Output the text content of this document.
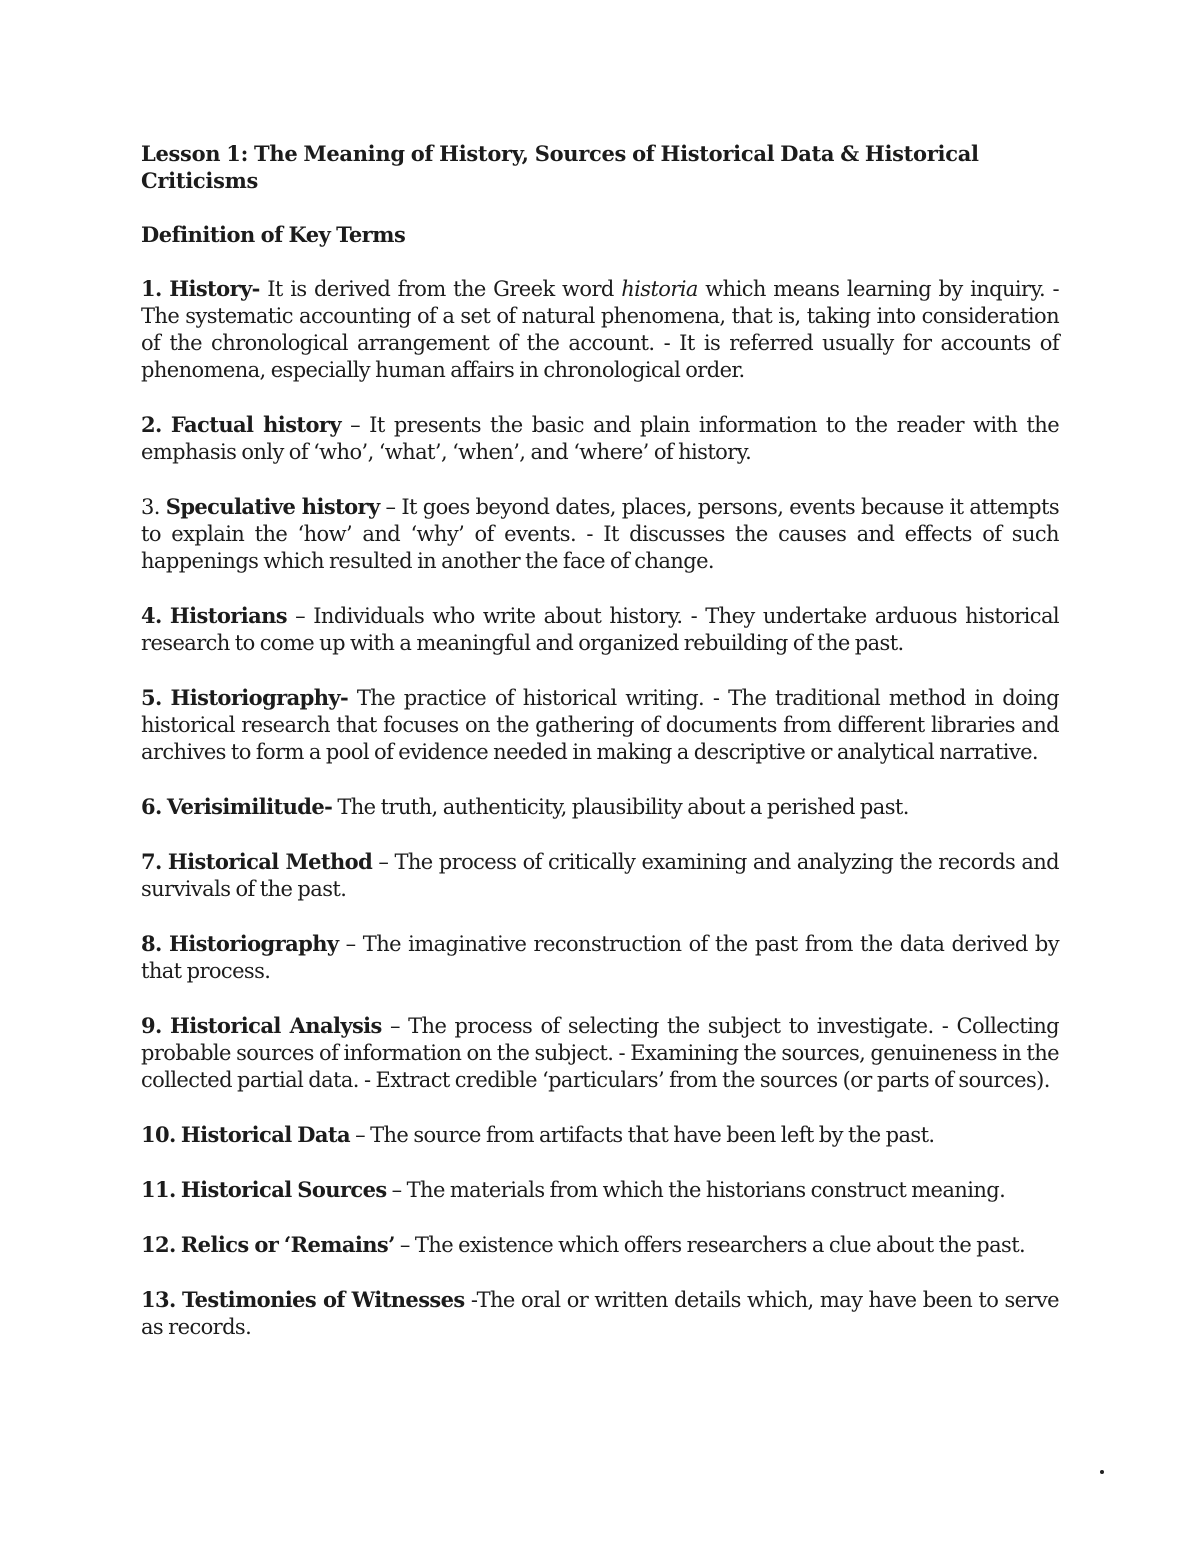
Lesson 1: The Meaning of History, Sources of Historical Data & Historical Criticisms

Definition of Key Terms

1. History- It is derived from the Greek word historia which means learning by inquiry. - The systematic accounting of a set of natural phenomena, that is, taking into consideration of the chronological arrangement of the account. - It is referred usually for accounts of phenomena, especially human affairs in chronological order.

2. Factual history – It presents the basic and plain information to the reader with the emphasis only of ‘who’, ‘what’, ‘when’, and ‘where’ of history.

3. Speculative history – It goes beyond dates, places, persons, events because it attempts to explain the ‘how’ and ‘why’ of events. - It discusses the causes and effects of such happenings which resulted in another the face of change.

4. Historians – Individuals who write about history. - They undertake arduous historical research to come up with a meaningful and organized rebuilding of the past.

5. Historiography- The practice of historical writing. - The traditional method in doing historical research that focuses on the gathering of documents from different libraries and archives to form a pool of evidence needed in making a descriptive or analytical narrative.

6. Verisimilitude- The truth, authenticity, plausibility about a perished past.

7. Historical Method – The process of critically examining and analyzing the records and survivals of the past.

8. Historiography – The imaginative reconstruction of the past from the data derived by that process.

9. Historical Analysis – The process of selecting the subject to investigate. - Collecting probable sources of information on the subject. - Examining the sources, genuineness in the collected partial data. - Extract credible ‘particulars’ from the sources (or parts of sources).

10. Historical Data – The source from artifacts that have been left by the past.

11. Historical Sources – The materials from which the historians construct meaning.

12. Relics or ‘Remains’ – The existence which offers researchers a clue about the past.

13. Testimonies of Witnesses -The oral or written details which, may have been to serve as records.
